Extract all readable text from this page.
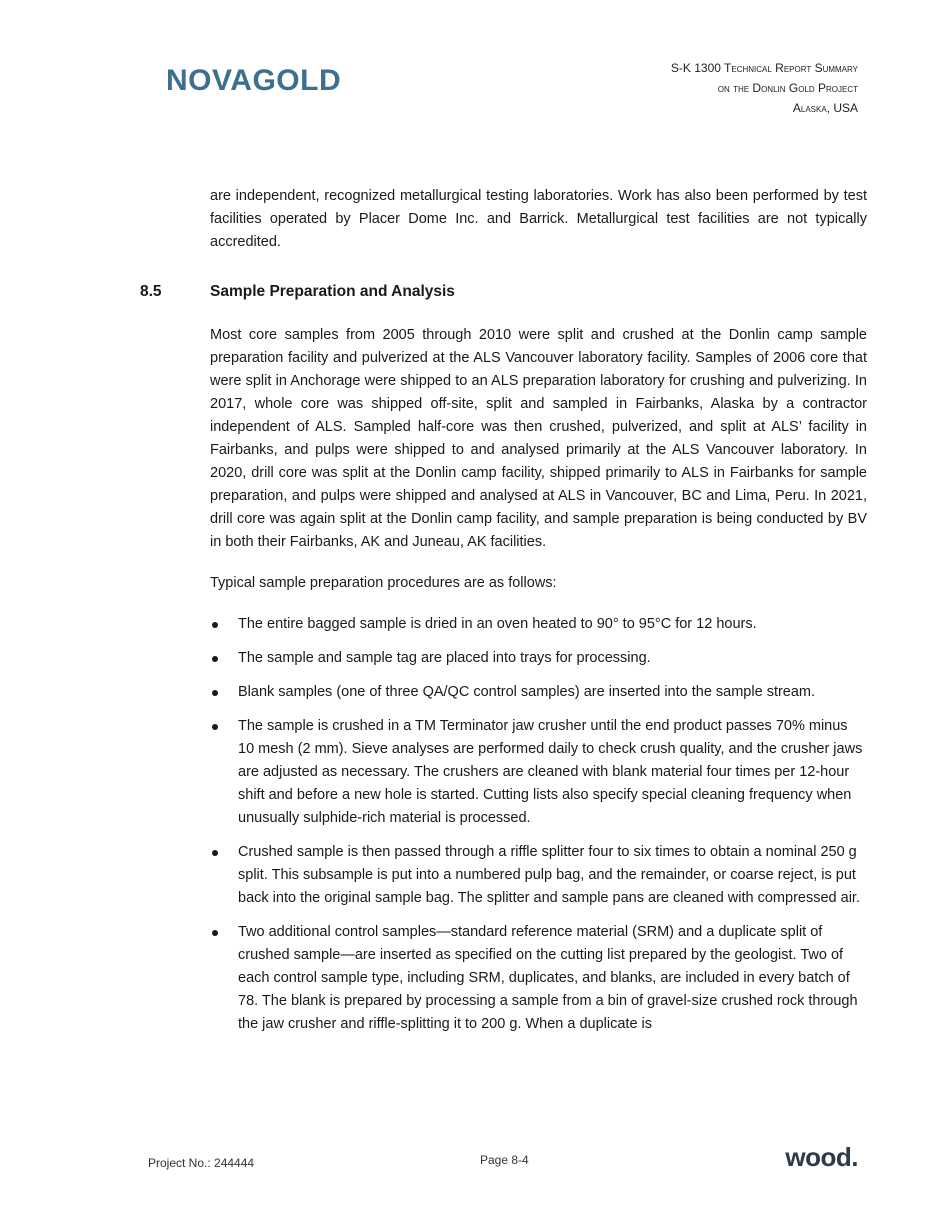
NOVAGOLD	S-K 1300 Technical Report Summary
on the Donlin Gold Project
Alaska, USA

are independent, recognized metallurgical testing laboratories. Work has also been performed by test facilities operated by Placer Dome Inc. and Barrick. Metallurgical test facilities are not typically accredited.

8.5	Sample Preparation and Analysis

Most core samples from 2005 through 2010 were split and crushed at the Donlin camp sample preparation facility and pulverized at the ALS Vancouver laboratory facility. Samples of 2006 core that were split in Anchorage were shipped to an ALS preparation laboratory for crushing and pulverizing. In 2017, whole core was shipped off-site, split and sampled in Fairbanks, Alaska by a contractor independent of ALS. Sampled half-core was then crushed, pulverized, and split at ALS’ facility in Fairbanks, and pulps were shipped to and analysed primarily at the ALS Vancouver laboratory. In 2020, drill core was split at the Donlin camp facility, shipped primarily to ALS in Fairbanks for sample preparation, and pulps were shipped and analysed at ALS in Vancouver, BC and Lima, Peru. In 2021, drill core was again split at the Donlin camp facility, and sample preparation is being conducted by BV in both their Fairbanks, AK and Juneau, AK facilities.

Typical sample preparation procedures are as follows:

The entire bagged sample is dried in an oven heated to 90° to 95°C for 12 hours.
The sample and sample tag are placed into trays for processing.
Blank samples (one of three QA/QC control samples) are inserted into the sample stream.
The sample is crushed in a TM Terminator jaw crusher until the end product passes 70% minus 10 mesh (2 mm). Sieve analyses are performed daily to check crush quality, and the crusher jaws are adjusted as necessary. The crushers are cleaned with blank material four times per 12-hour shift and before a new hole is started. Cutting lists also specify special cleaning frequency when unusually sulphide-rich material is processed.
Crushed sample is then passed through a riffle splitter four to six times to obtain a nominal 250 g split. This subsample is put into a numbered pulp bag, and the remainder, or coarse reject, is put back into the original sample bag. The splitter and sample pans are cleaned with compressed air.
Two additional control samples—standard reference material (SRM) and a duplicate split of crushed sample—are inserted as specified on the cutting list prepared by the geologist. Two of each control sample type, including SRM, duplicates, and blanks, are included in every batch of 78. The blank is prepared by processing a sample from a bin of gravel-size crushed rock through the jaw crusher and riffle-splitting it to 200 g. When a duplicate is
Project No.: 244444	Page 8-4	wood.
